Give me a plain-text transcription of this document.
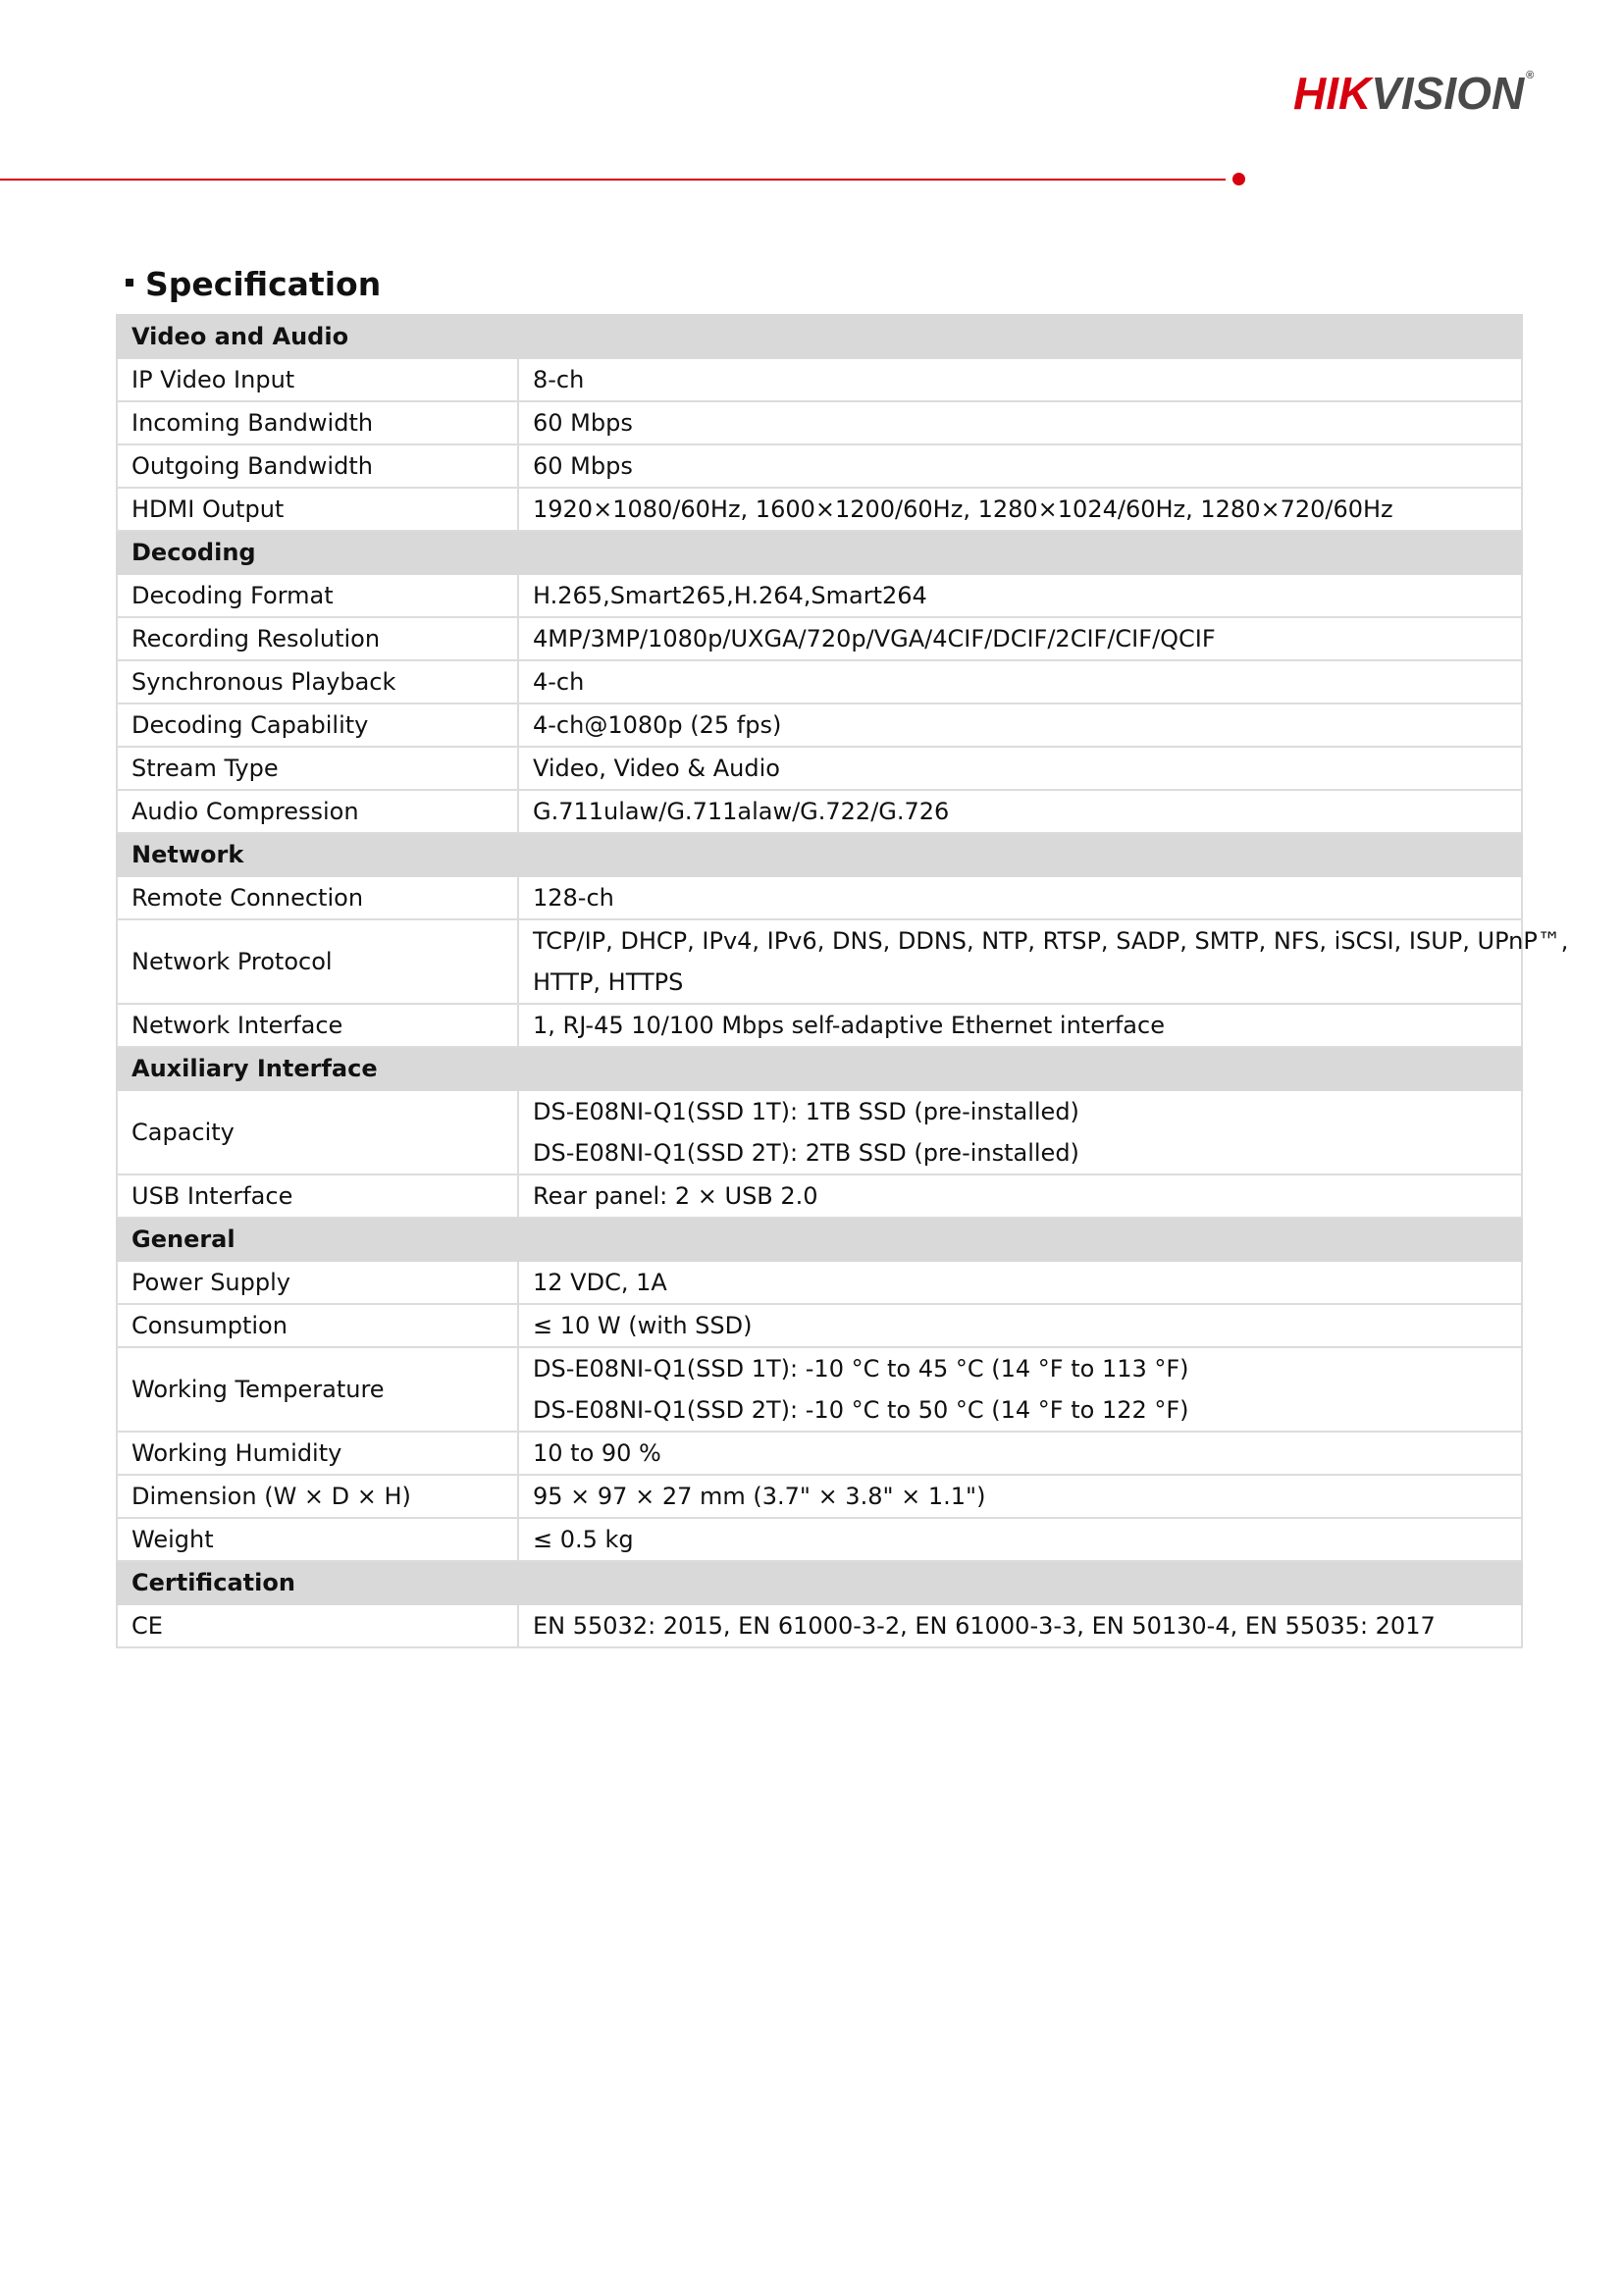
HIKVISION ®
Specification
Video and Audio	
IP Video Input	8-ch

Incoming Bandwidth	60 Mbps

Outgoing Bandwidth	60 Mbps

HDMI Output	1920×1080/60Hz, 1600×1200/60Hz, 1280×1024/60Hz, 1280×720/60Hz

Decoding	
Decoding Format	H.265,Smart265,H.264,Smart264

Recording Resolution	4MP/3MP/1080p/UXGA/720p/VGA/4CIF/DCIF/2CIF/CIF/QCIF

Synchronous Playback	4-ch

Decoding Capability	4-ch@1080p (25 fps)

Stream Type	Video, Video & Audio

Audio Compression	G.711ulaw/G.711alaw/G.722/G.726

Network	
Remote Connection	128-ch

Network Protocol	TCP/IP, DHCP, IPv4, IPv6, DNS, DDNS, NTP, RTSP, SADP, SMTP, NFS, iSCSI, ISUP, UPnP™,
HTTP, HTTPS

Network Interface	1, RJ-45 10/100 Mbps self-adaptive Ethernet interface

Auxiliary Interface	
Capacity	DS-E08NI-Q1(SSD 1T): 1TB SSD (pre-installed)
DS-E08NI-Q1(SSD 2T): 2TB SSD (pre-installed)

USB Interface	Rear panel: 2 × USB 2.0

General	
Power Supply	12 VDC, 1A

Consumption	≤ 10 W (with SSD)

Working Temperature	DS-E08NI-Q1(SSD 1T): -10 °C to 45 °C (14 °F to 113 °F)
DS-E08NI-Q1(SSD 2T): -10 °C to 50 °C (14 °F to 122 °F)

Working Humidity	10 to 90 %

Dimension (W × D × H)	95 × 97 × 27 mm (3.7" × 3.8" × 1.1")

Weight	≤ 0.5 kg

Certification	
CE	EN 55032: 2015, EN 61000-3-2, EN 61000-3-3, EN 50130-4, EN 55035: 2017
